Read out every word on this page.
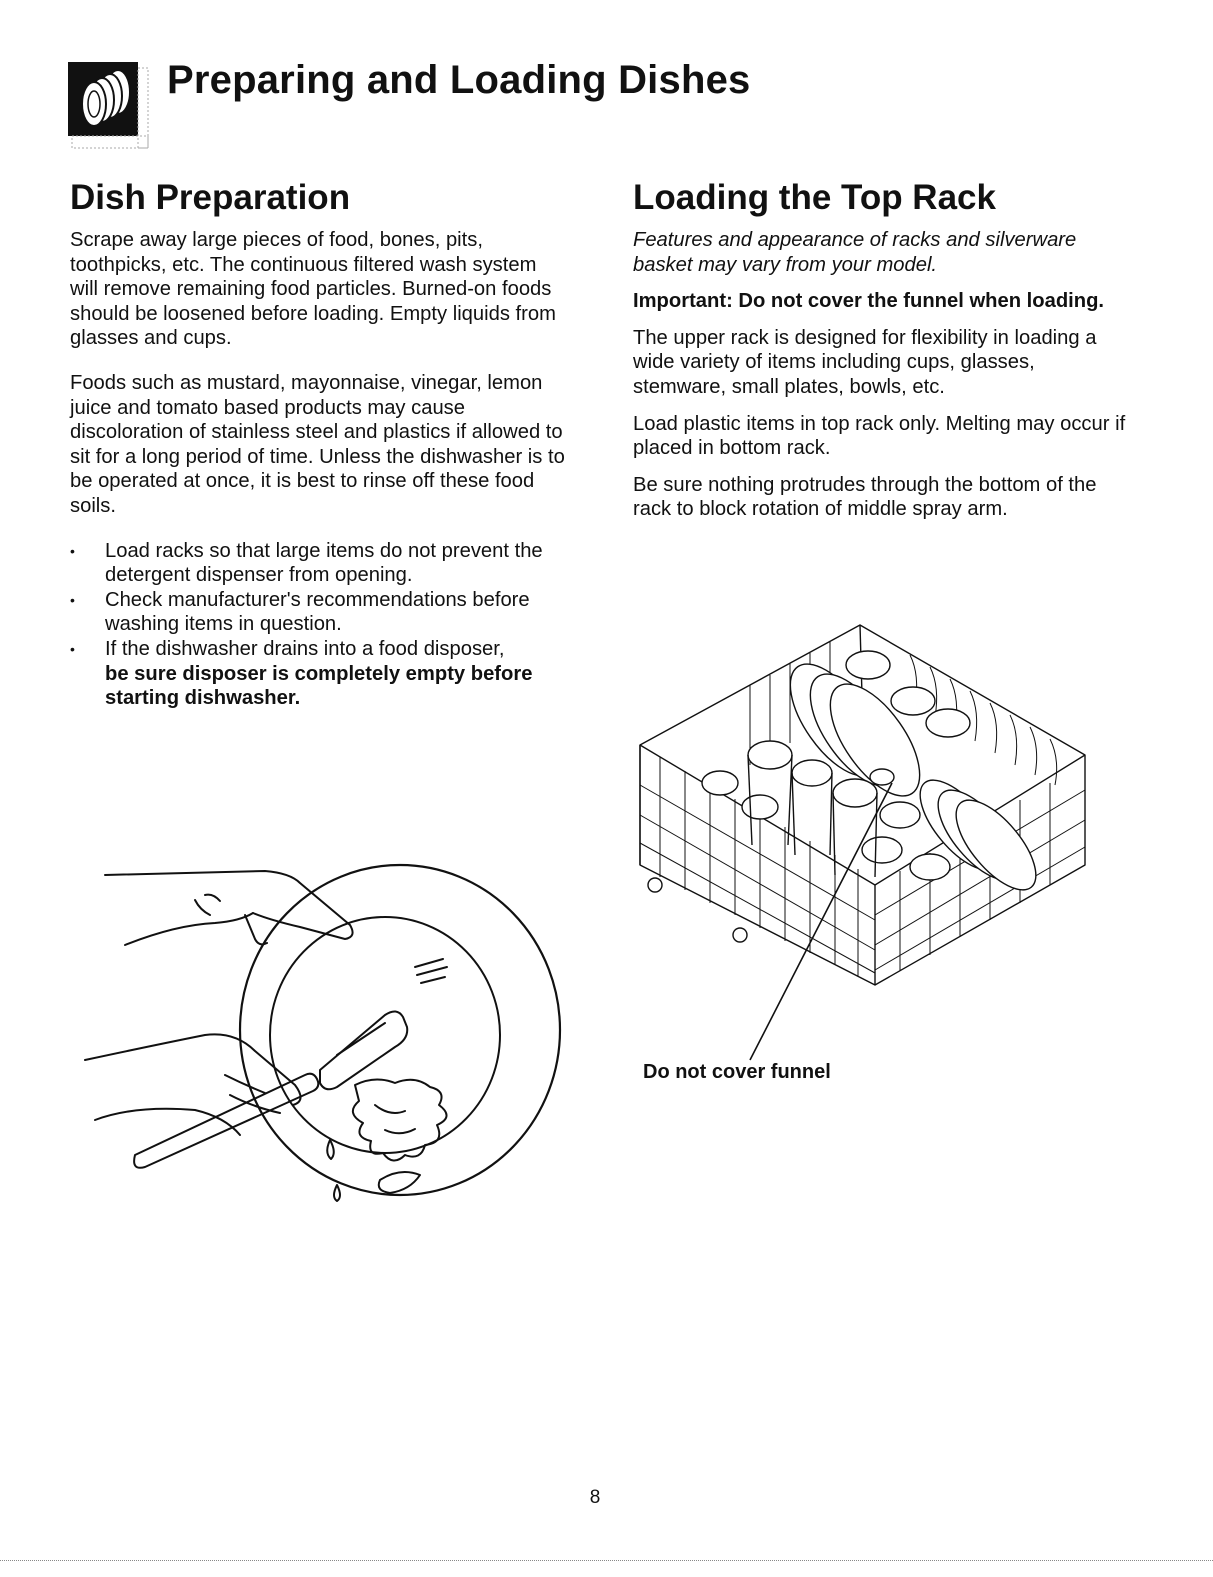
Preparing and Loading Dishes
Dish Preparation

Scrape away large pieces of food, bones, pits, toothpicks, etc. The continuous filtered wash system will remove remaining food particles. Burned-on foods should be loosened before loading. Empty liquids from glasses and cups.

Foods such as mustard, mayonnaise, vinegar, lemon juice and tomato based products may cause discoloration of stainless steel and plastics if allowed to sit for a long period of time. Unless the dishwasher is to be operated at once, it is best to rinse off these food soils.

• Load racks so that large items do not prevent the detergent dispenser from opening.
• Check manufacturer's recommendations before washing items in question.
• If the dishwasher drains into a food disposer,
be sure disposer is completely empty before starting dishwasher.
Loading the Top Rack

Features and appearance of racks and silverware basket may vary from your model.

Important: Do not cover the funnel when loading.

The upper rack is designed for flexibility in loading a wide variety of items including cups, glasses, stemware, small plates, bowls, etc.

Load plastic items in top rack only. Melting may occur if placed in bottom rack.

Be sure nothing protrudes through the bottom of the rack to block rotation of middle spray arm.

Do not cover funnel

8
